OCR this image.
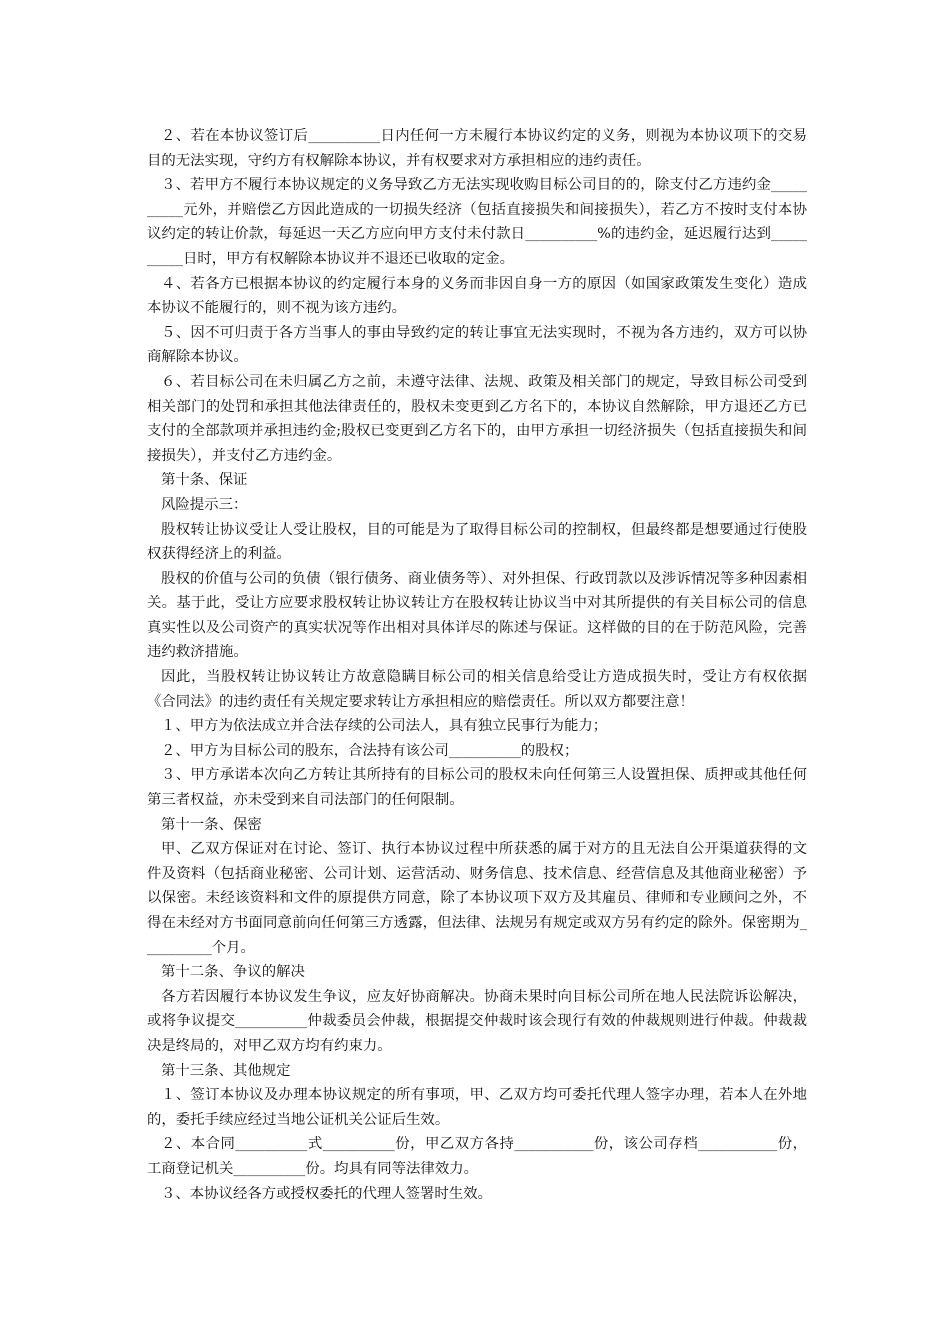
２、若在本协议签订后__________日内任何一方未履行本协议约定的义务，则视为本协议项下的交易目的无法实现，守约方有权解除本协议，并有权要求对方承担相应的违约责任。

３、若甲方不履行本协议规定的义务导致乙方无法实现收购目标公司目的的，除支付乙方违约金__________元外，并赔偿乙方因此造成的一切损失经济（包括直接损失和间接损失），若乙方不按时支付本协议约定的转让价款，每延迟一天乙方应向甲方支付未付款日__________%的违约金，延迟履行达到__________日时，甲方有权解除本协议并不退还已收取的定金。

４、若各方已根据本协议的约定履行本身的义务而非因自身一方的原因（如国家政策发生变化）造成本协议不能履行的，则不视为该方违约。

５、因不可归责于各方当事人的事由导致约定的转让事宜无法实现时，不视为各方违约，双方可以协商解除本协议。

６、若目标公司在未归属乙方之前，未遵守法律、法规、政策及相关部门的规定，导致目标公司受到相关部门的处罚和承担其他法律责任的，股权未变更到乙方名下的，本协议自然解除，甲方退还乙方已支付的全部款项并承担违约金;股权已变更到乙方名下的，由甲方承担一切经济损失（包括直接损失和间接损失），并支付乙方违约金。

第十条、保证

风险提示三：

股权转让协议受让人受让股权，目的可能是为了取得目标公司的控制权，但最终都是想要通过行使股权获得经济上的利益。

股权的价值与公司的负债（银行债务、商业债务等）、对外担保、行政罚款以及涉诉情况等多种因素相关。基于此，受让方应要求股权转让协议转让方在股权转让协议当中对其所提供的有关目标公司的信息真实性以及公司资产的真实状况等作出相对具体详尽的陈述与保证。这样做的目的在于防范风险，完善违约救济措施。

因此，当股权转让协议转让方故意隐瞒目标公司的相关信息给受让方造成损失时，受让方有权依据《合同法》的违约责任有关规定要求转让方承担相应的赔偿责任。所以双方都要注意！

１、甲方为依法成立并合法存续的公司法人，具有独立民事行为能力；

２、甲方为目标公司的股东，合法持有该公司__________的股权；

３、甲方承诺本次向乙方转让其所持有的目标公司的股权未向任何第三人设置担保、质押或其他任何第三者权益，亦未受到来自司法部门的任何限制。

第十一条、保密

甲、乙双方保证对在讨论、签订、执行本协议过程中所获悉的属于对方的且无法自公开渠道获得的文件及资料（包括商业秘密、公司计划、运营活动、财务信息、技术信息、经营信息及其他商业秘密）予以保密。未经该资料和文件的原提供方同意，除了本协议项下双方及其雇员、律师和专业顾问之外，不得在未经对方书面同意前向任何第三方透露，但法律、法规另有规定或双方另有约定的除外。保密期为__________个月。

第十二条、争议的解决

各方若因履行本协议发生争议，应友好协商解决。协商未果时向目标公司所在地人民法院诉讼解决，或将争议提交__________仲裁委员会仲裁，根据提交仲裁时该会现行有效的仲裁规则进行仲裁。仲裁裁决是终局的，对甲乙双方均有约束力。

第十三条、其他规定

１、签订本协议及办理本协议规定的所有事项，甲、乙双方均可委托代理人签字办理，若本人在外地的，委托手续应经过当地公证机关公证后生效。

２、本合同__________式__________份，甲乙双方各持___________份，该公司存档___________份，工商登记机关__________份。均具有同等法律效力。

３、本协议经各方或授权委托的代理人签署时生效。
